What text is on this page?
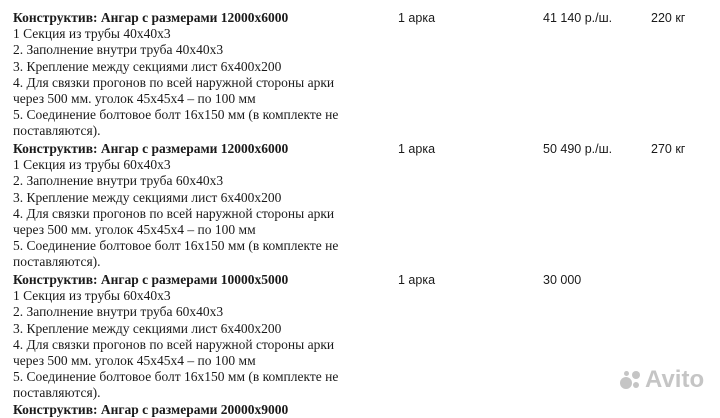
Конструктив: Ангар с размерами 12000х6000
1 Секция из трубы 40х40х3
2. Заполнение внутри труба 40х40х3
3. Крепление между секциями лист 6х400х200
4. Для связки прогонов по всей наружной стороны арки
через 500 мм. уголок 45х45х4 – по 100 мм
5. Соединение болтовое болт 16х150 мм (в комплекте не
поставляются).
1 арка	41 140 р./ш.	220 кг
Конструктив: Ангар с размерами 12000х6000
1 Секция из трубы 60х40х3
2. Заполнение внутри труба 60х40х3
3. Крепление между секциями лист 6х400х200
4. Для связки прогонов по всей наружной стороны арки
через 500 мм. уголок 45х45х4 – по 100 мм
5. Соединение болтовое болт 16х150 мм (в комплекте не
поставляются).
1 арка	50 490 р./ш.	270 кг
Конструктив: Ангар с размерами 10000х5000
1 Секция из трубы 60х40х3
2. Заполнение внутри труба 60х40х3
3. Крепление между секциями лист 6х400х200
4. Для связки прогонов по всей наружной стороны арки
через 500 мм. уголок 45х45х4 – по 100 мм
5. Соединение болтовое болт 16х150 мм (в комплекте не
поставляются).
1 арка	30 000
Конструктив: Ангар с размерами 20000х9000
Avito
